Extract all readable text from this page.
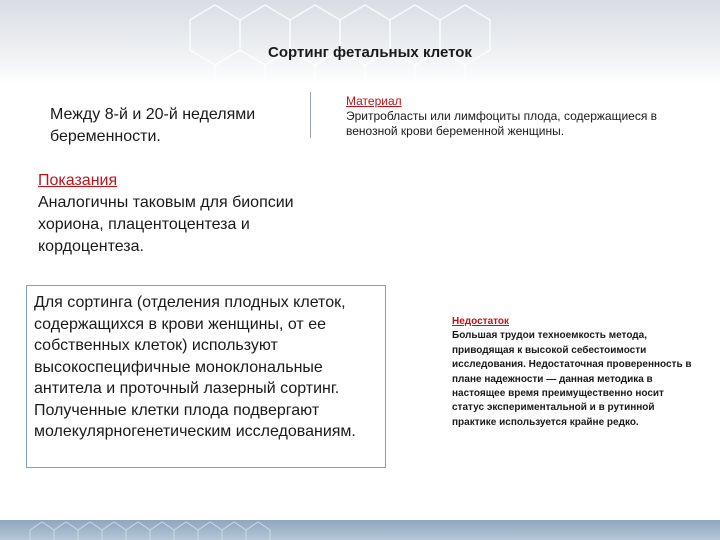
Сортинг фетальных клеток
Между 8-й и 20-й неделями беременности.
Материал
Эритробласты или лимфоциты плода, содержащиеся в венозной крови беременной женщины.
Показания
Аналогичны таковым для биопсии хориона, плацентоцентеза и кордоцентеза.
Для сортинга (отделения плодных клеток, содержащихся в крови женщины, от ее собственных клеток) используют высокоспецифичные моноклональные антитела и проточный лазерный сортинг. Полученные клетки плода подвергают молекулярногенетическим исследованиям.
Недостаток
Большая трудои техноемкость метода, приводящая к высокой себестоимости исследования. Недостаточная проверенность в плане надежности — данная методика в настоящее время преимущественно носит статус экспериментальной и в рутинной практике используется крайне редко.
